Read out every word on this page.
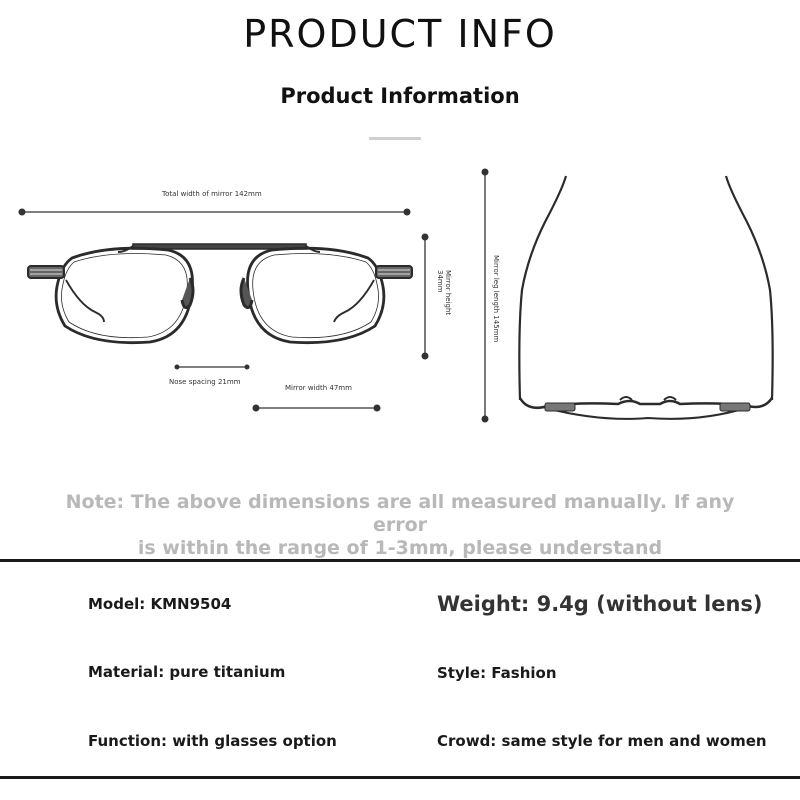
PRODUCT INFO
Product Information
Total width of mirror 142mm
Nose spacing 21mm
Mirror width 47mm
Mirror height 34mm	Mirror leg length 145mm
Note: The above dimensions are all measured manually. If any error
is within the range of 1-3mm, please understand
Model: KMN9504	Weight: 9.4g (without lens)
Material: pure titanium	Style: Fashion
Function: with glasses option	Crowd: same style for men and women
